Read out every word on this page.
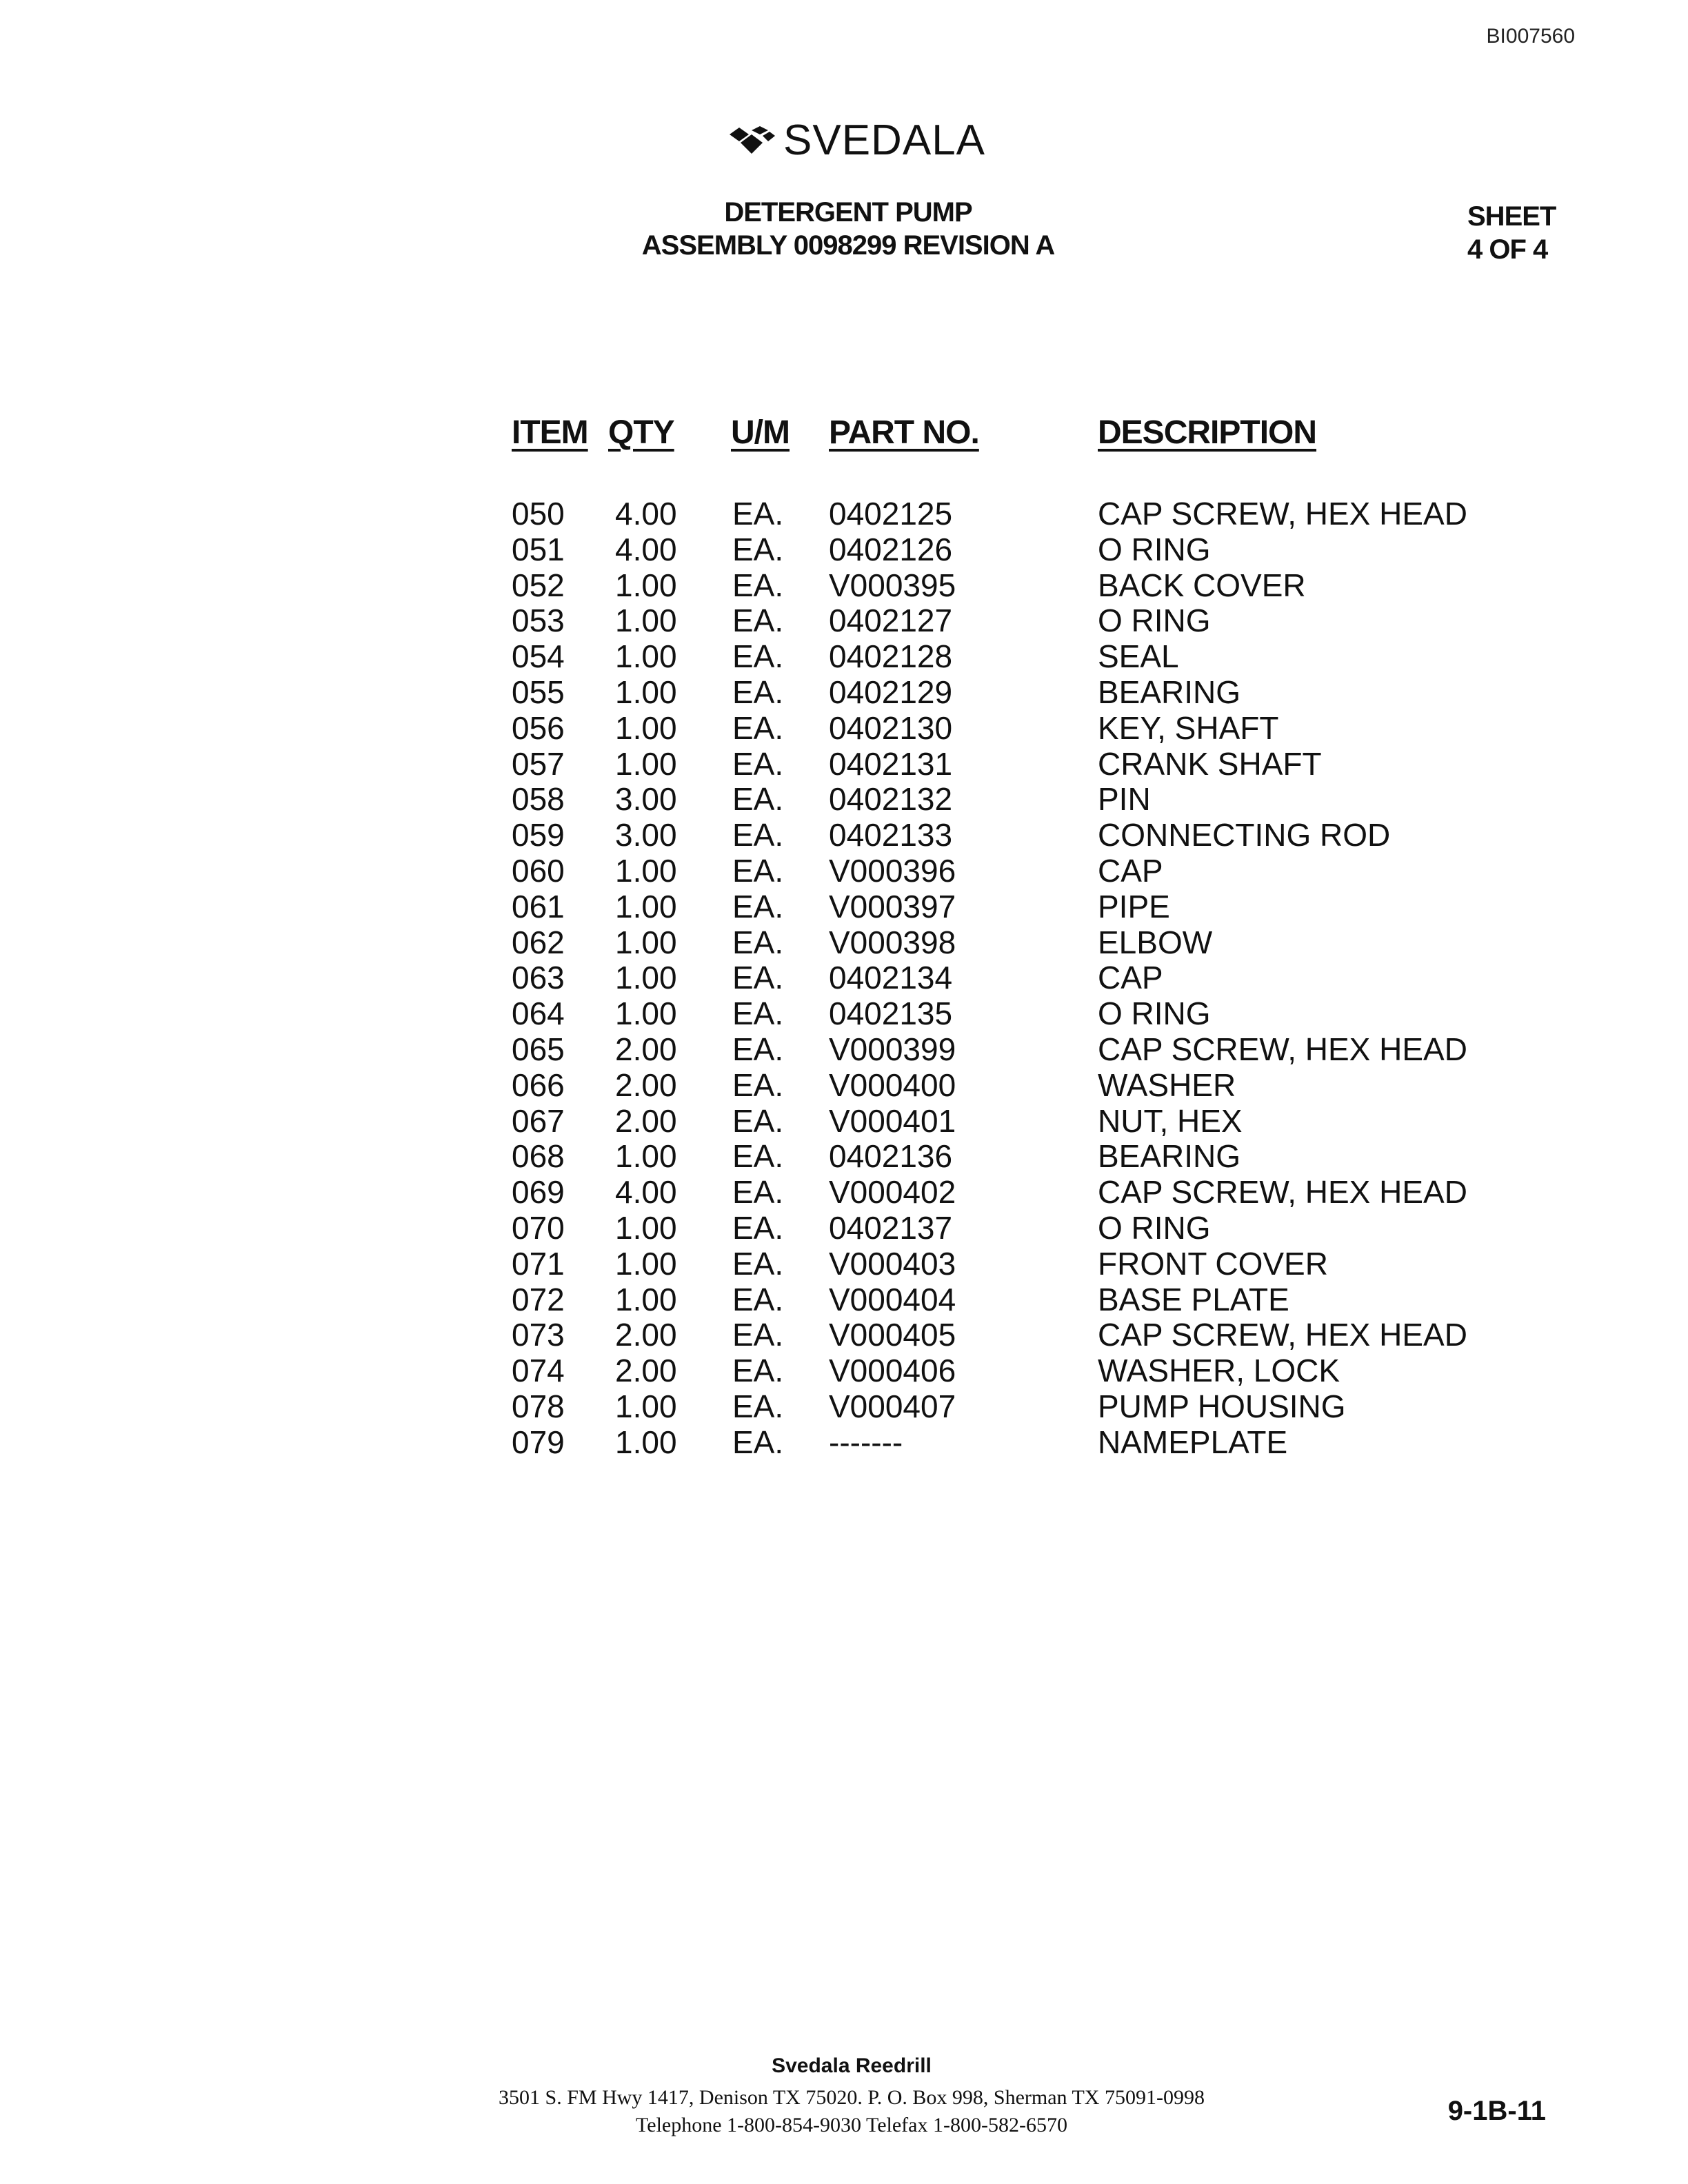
BI007560
SVEDALA
DETERGENT PUMP
ASSEMBLY 0098299 REVISION A
SHEET
4 OF 4
ITEM QTY U/M PART NO.	DESCRIPTION
050 4.00 EA. 0402125	CAP SCREW, HEX HEAD
051 4.00 EA. 0402126	O RING
052 1.00 EA. V000395	BACK COVER
053 1.00 EA. 0402127	O RING
054 1.00 EA. 0402128	SEAL
055 1.00 EA. 0402129	BEARING
056 1.00 EA. 0402130	KEY, SHAFT
057 1.00 EA. 0402131	CRANK SHAFT
058 3.00 EA. 0402132	PIN
059 3.00 EA. 0402133	CONNECTING ROD
060 1.00 EA. V000396	CAP
061 1.00 EA. V000397	PIPE
062 1.00 EA. V000398	ELBOW
063 1.00 EA. 0402134	CAP
064 1.00 EA. 0402135	O RING
065 2.00 EA. V000399	CAP SCREW, HEX HEAD
066 2.00 EA. V000400	WASHER
067 2.00 EA. V000401	NUT, HEX
068 1.00 EA. 0402136	BEARING
069 4.00 EA. V000402	CAP SCREW, HEX HEAD
070 1.00 EA. 0402137	O RING
071 1.00 EA. V000403	FRONT COVER
072 1.00 EA. V000404	BASE PLATE
073 2.00 EA. V000405	CAP SCREW, HEX HEAD
074 2.00 EA. V000406	WASHER, LOCK
078 1.00 EA. V000407	PUMP HOUSING
079 1.00 EA. -------	NAMEPLATE
Svedala Reedrill
3501 S. FM Hwy 1417, Denison TX 75020. P. O. Box 998, Sherman TX 75091-0998
Telephone 1-800-854-9030 Telefax 1-800-582-6570	9-1B-11
